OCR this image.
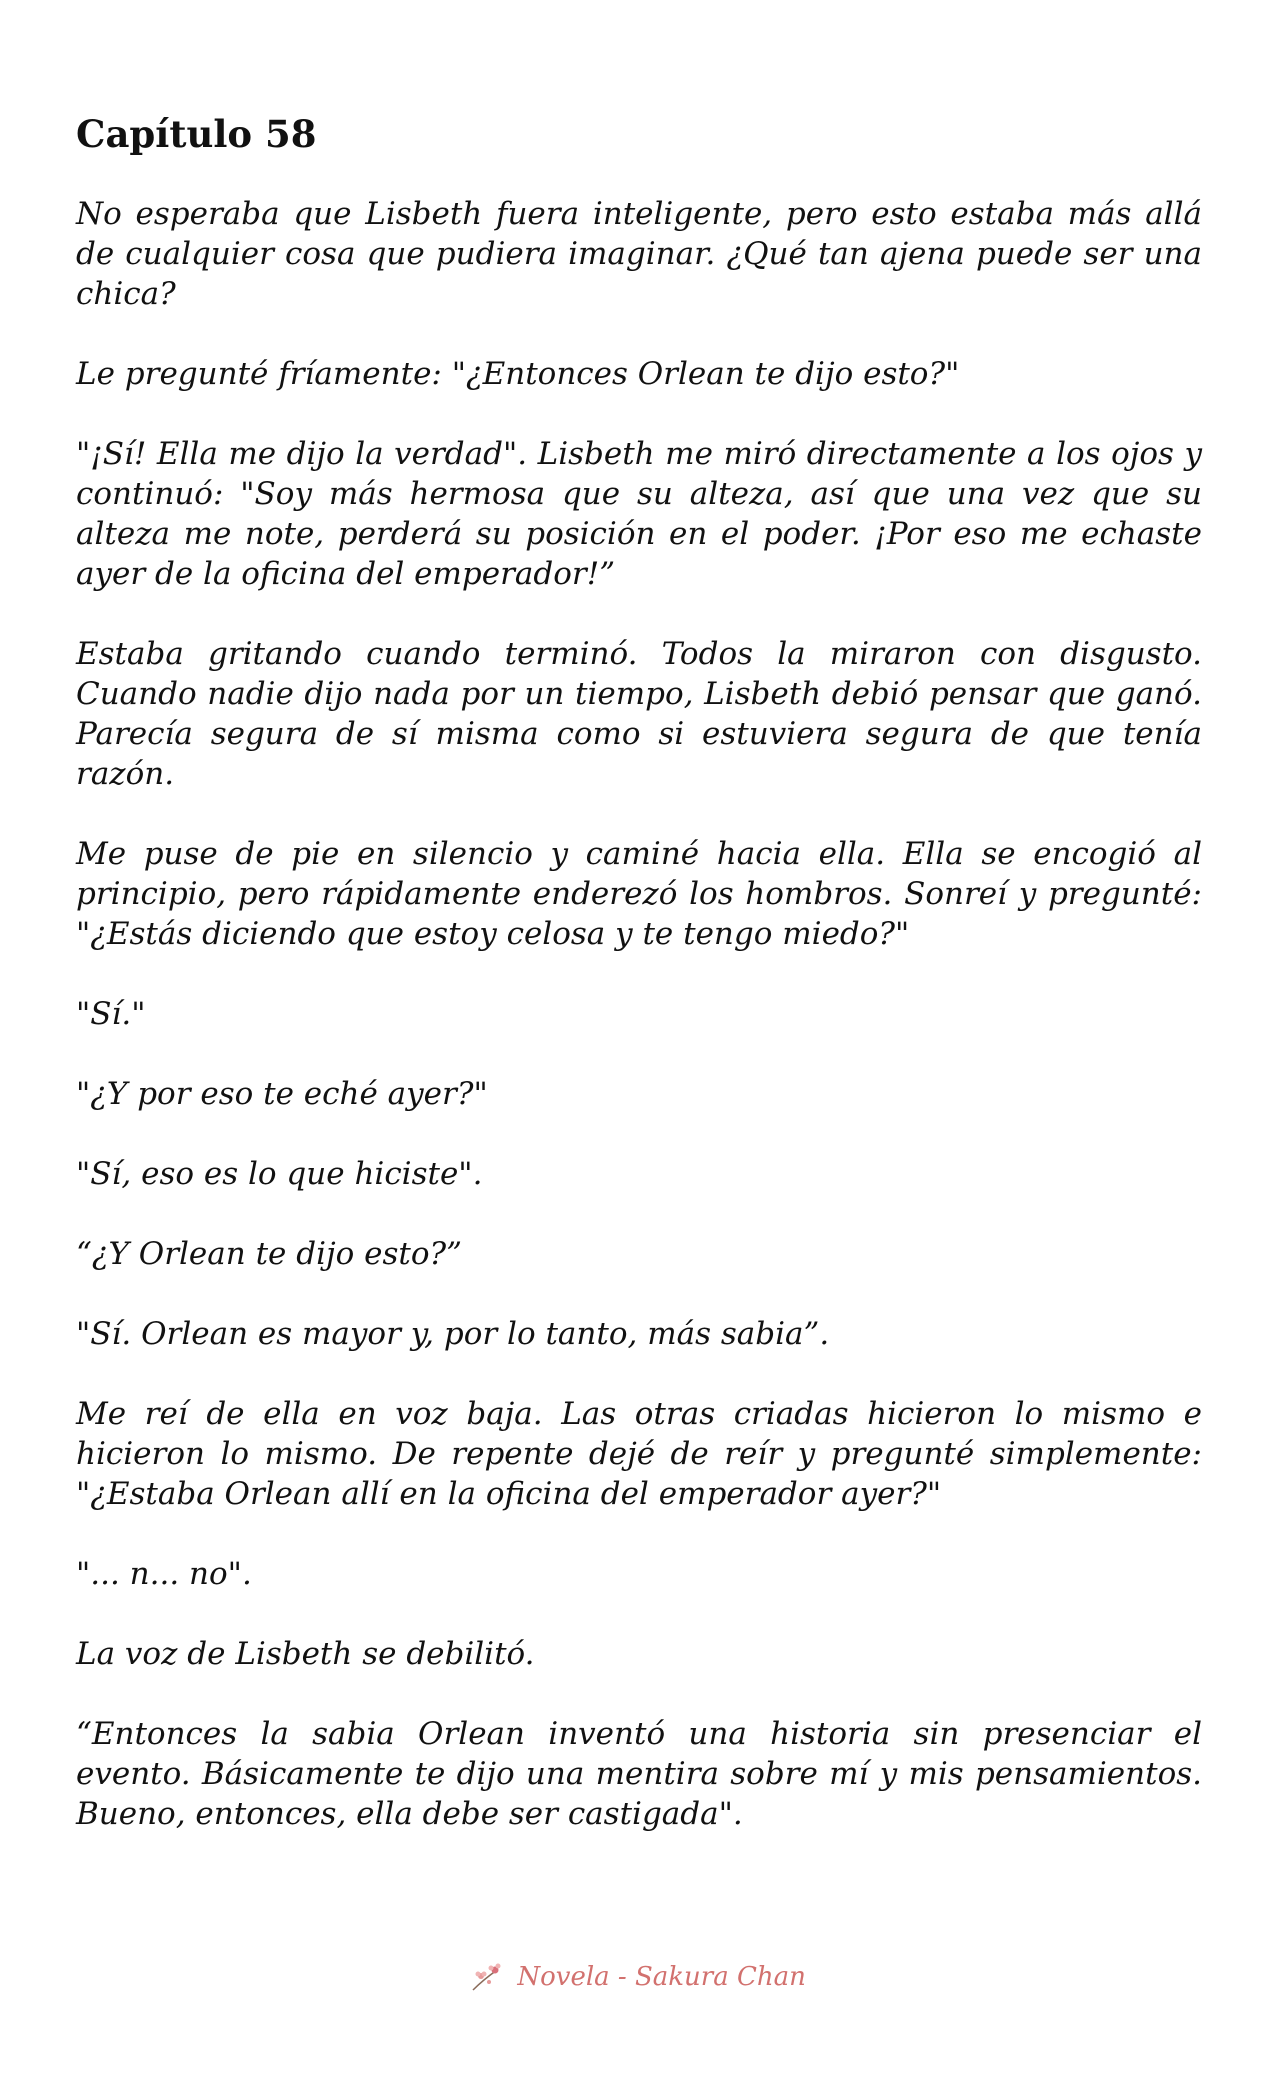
Capítulo 58

No esperaba que Lisbeth fuera inteligente, pero esto estaba más allá de cualquier cosa que pudiera imaginar. ¿Qué tan ajena puede ser una chica?

Le pregunté fríamente: "¿Entonces Orlean te dijo esto?"

"¡Sí! Ella me dijo la verdad". Lisbeth me miró directamente a los ojos y continuó: "Soy más hermosa que su alteza, así que una vez que su alteza me note, perderá su posición en el poder. ¡Por eso me echaste ayer de la oficina del emperador!”

Estaba gritando cuando terminó. Todos la miraron con disgusto. Cuando nadie dijo nada por un tiempo, Lisbeth debió pensar que ganó. Parecía segura de sí misma como si estuviera segura de que tenía razón.

Me puse de pie en silencio y caminé hacia ella. Ella se encogió al principio, pero rápidamente enderezó los hombros. Sonreí y pregunté: "¿Estás diciendo que estoy celosa y te tengo miedo?"

"Sí."

"¿Y por eso te eché ayer?"

"Sí, eso es lo que hiciste".

“¿Y Orlean te dijo esto?”

"Sí. Orlean es mayor y, por lo tanto, más sabia”.

Me reí de ella en voz baja. Las otras criadas hicieron lo mismo e hicieron lo mismo. De repente dejé de reír y pregunté simplemente: "¿Estaba Orlean allí en la oficina del emperador ayer?"

"... n... no".

La voz de Lisbeth se debilitó.

“Entonces la sabia Orlean inventó una historia sin presenciar el evento. Básicamente te dijo una mentira sobre mí y mis pensamientos. Bueno, entonces, ella debe ser castigada".

Novela - Sakura Chan
